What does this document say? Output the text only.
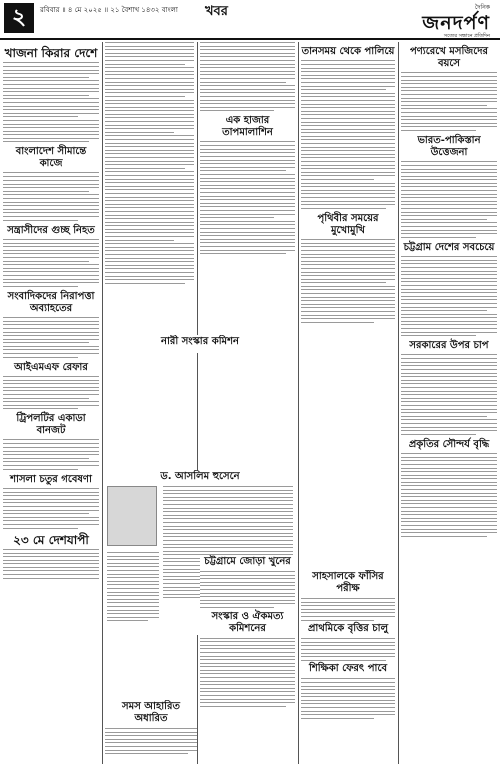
২	রবিবার ॥ ৪ মে ২০২৫ ॥ ২১ বৈশাখ ১৪৩২ বাংলা খবর	দৈনিক
জনদর্পণ
সত্যের সন্ধানে প্রতিদিন
খাজনা কিরার দেশে
বাংলাদেশ সীমান্তে কাজে
সন্ত্রাসীদের গুচ্ছ নিহত
সংবাদিকদের নিরাপত্তা অব্যাহতের
আইএমএফ রেফার
ট্রিপলটির একাডা বানজট
শাসলা চতুর গবেষণা
২৩ মে দেশযাপী
এক হাজার তাপমালাশিন
তানসময় থেকে পালিয়ে
পৃথিবীর সময়ের মুখোমুখি
পণ্যরেখে মসজিদের বয়সে
ভারত-পাকিস্তান উত্তেজনা
চট্টগ্রাম দেশের সবচেয়ে
সরকারের উপর চাপ
প্রকৃতির সৌন্দর্য বৃদ্ধি
নারী সংস্কার কমিশন
ড. আসলিম হুসেনে
সমস আহারিত অধারিত
চট্টগ্রামে জোড়া খুনের
সংস্কার ও ঐকমত্য কমিশনের
সাহসালকে ফাঁসির পরীক্ষ
প্রাথমিকে বৃত্তির চালু
শিক্ষিকা ফেরৎ পাবে
